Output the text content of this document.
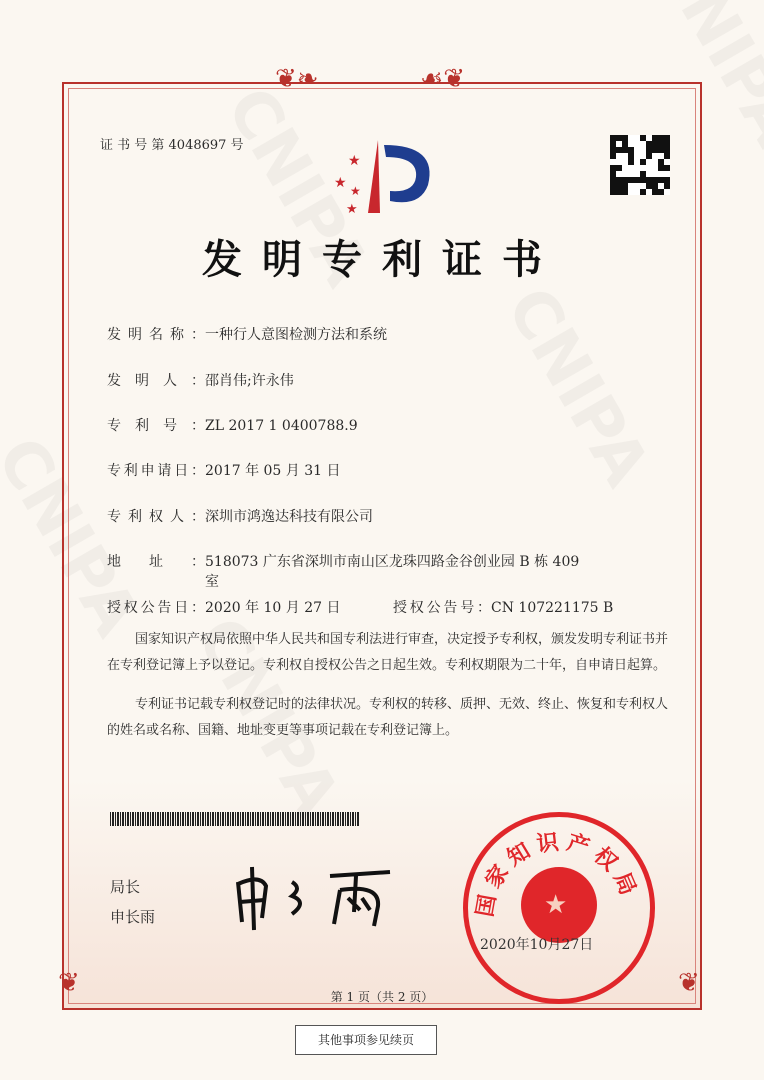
❦❧	☙❦
❦	❦
证 书 号 第 4048697 号
★
★ ★
★
发明专利证书
发明名称：一种行人意图检测方法和系统
发明人：邵肖伟;许永伟
专利号：ZL 2017 1 0400788.9
专利申请日：2017 年 05 月 31 日
专利权人：深圳市鸿逸达科技有限公司
地址：518073 广东省深圳市南山区龙珠四路金谷创业园 B 栋 409
室
授权公告日：2020 年 10 月 27 日	授权公告号：CN 107221175 B
国家知识产权局依照中华人民共和国专利法进行审查，决定授予专利权，颁发发明专利证书并在专利登记簿上予以登记。专利权自授权公告之日起生效。专利权期限为二十年，自申请日起算。
专利证书记载专利权登记时的法律状况。专利权的转移、质押、无效、终止、恢复和专利权人的姓名或名称、国籍、地址变更等事项记载在专利登记簿上。
局长
申长雨	国家知识产权局
★
2020年10月27日
第 1 页（共 2 页）
其他事项参见续页
